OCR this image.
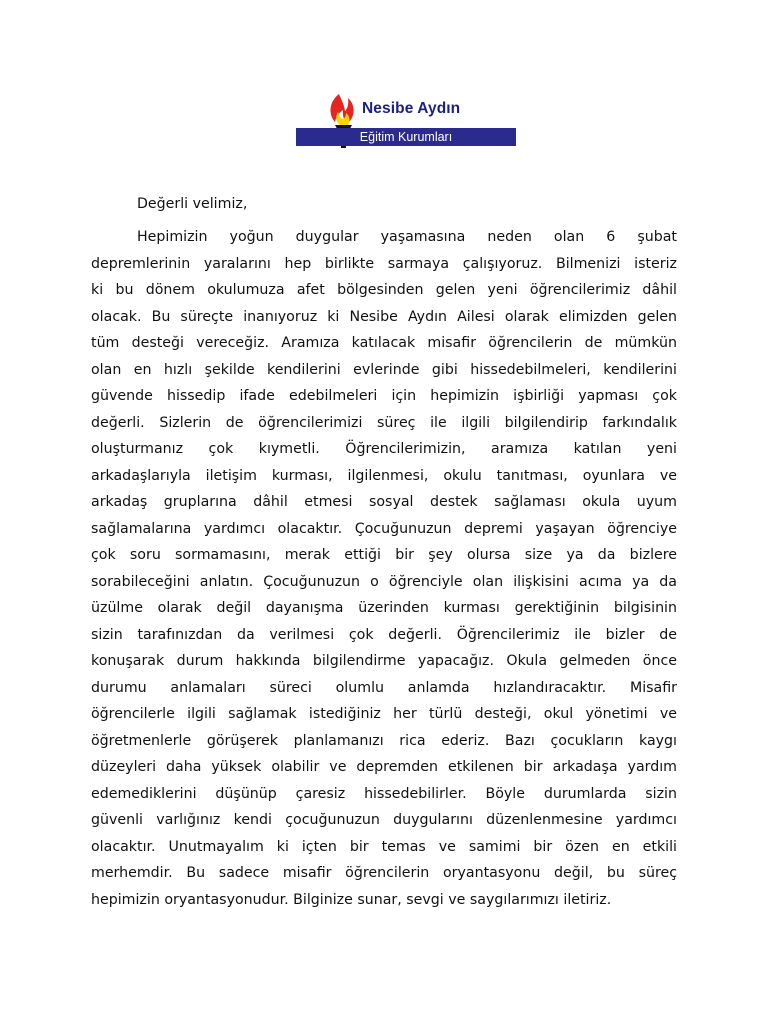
Nesibe Aydın

Eğitim Kurumları

Değerli velimiz,

Hepimizin yoğun duygular yaşamasına neden olan 6 şubat
depremlerinin yaralarını hep birlikte sarmaya çalışıyoruz. Bilmenizi isteriz
ki bu dönem okulumuza afet bölgesinden gelen yeni öğrencilerimiz dâhil
olacak. Bu süreçte inanıyoruz ki Nesibe Aydın Ailesi olarak elimizden gelen
tüm desteği vereceğiz. Aramıza katılacak misafir öğrencilerin de mümkün
olan en hızlı şekilde kendilerini evlerinde gibi hissedebilmeleri, kendilerini
güvende hissedip ifade edebilmeleri için hepimizin işbirliği yapması çok
değerli. Sizlerin de öğrencilerimizi süreç ile ilgili bilgilendirip farkındalık
oluşturmanız çok kıymetli. Öğrencilerimizin, aramıza katılan yeni
arkadaşlarıyla iletişim kurması, ilgilenmesi, okulu tanıtması, oyunlara ve
arkadaş gruplarına dâhil etmesi sosyal destek sağlaması okula uyum
sağlamalarına yardımcı olacaktır. Çocuğunuzun depremi yaşayan öğrenciye
çok soru sormamasını, merak ettiği bir şey olursa size ya da bizlere
sorabileceğini anlatın. Çocuğunuzun o öğrenciyle olan ilişkisini acıma ya da
üzülme olarak değil dayanışma üzerinden kurması gerektiğinin bilgisinin
sizin tarafınızdan da verilmesi çok değerli. Öğrencilerimiz ile bizler de
konuşarak durum hakkında bilgilendirme yapacağız. Okula gelmeden önce
durumu anlamaları süreci olumlu anlamda hızlandıracaktır. Misafir
öğrencilerle ilgili sağlamak istediğiniz her türlü desteği, okul yönetimi ve
öğretmenlerle görüşerek planlamanızı rica ederiz. Bazı çocukların kaygı
düzeyleri daha yüksek olabilir ve depremden etkilenen bir arkadaşa yardım
edemediklerini düşünüp çaresiz hissedebilirler. Böyle durumlarda sizin
güvenli varlığınız kendi çocuğunuzun duygularını düzenlenmesine yardımcı
olacaktır. Unutmayalım ki içten bir temas ve samimi bir özen en etkili
merhemdir. Bu sadece misafir öğrencilerin oryantasyonu değil, bu süreç
hepimizin oryantasyonudur. Bilginize sunar, sevgi ve saygılarımızı iletiriz.
